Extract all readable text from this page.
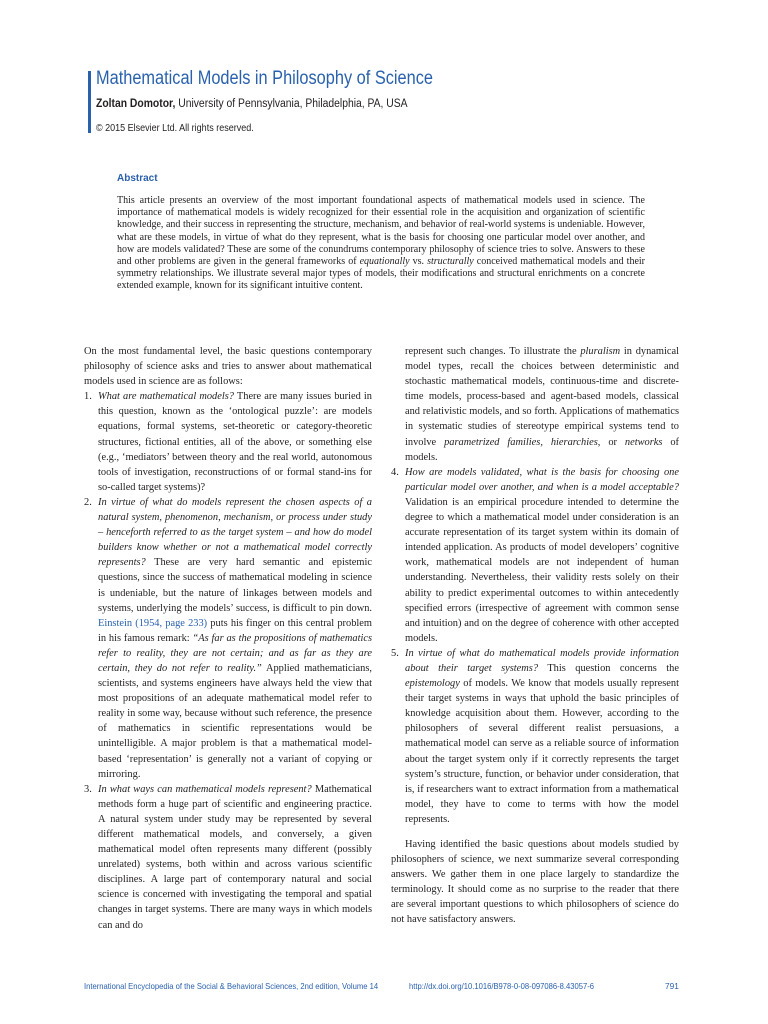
Mathematical Models in Philosophy of Science
Zoltan Domotor, University of Pennsylvania, Philadelphia, PA, USA
© 2015 Elsevier Ltd. All rights reserved.
Abstract

This article presents an overview of the most important foundational aspects of mathematical models used in science. The importance of mathematical models is widely recognized for their essential role in the acquisition and organization of scientific knowledge, and their success in representing the structure, mechanism, and behavior of real-world systems is undeniable. However, what are these models, in virtue of what do they represent, what is the basis for choosing one particular model over another, and how are models validated? These are some of the conundrums contemporary philosophy of science tries to solve. Answers to these and other problems are given in the general frameworks of equationally vs. structurally conceived mathematical models and their symmetry relationships. We illustrate several major types of models, their modifications and structural enrichments on a concrete extended example, known for its significant intuitive content.

On the most fundamental level, the basic questions contemporary philosophy of science asks and tries to answer about mathematical models used in science are as follows:

1. What are mathematical models? There are many issues buried in this question, known as the ‘ontological puzzle’: are models equations, formal systems, set-theoretic or category-theoretic structures, fictional entities, all of the above, or something else (e.g., ‘mediators’ between theory and the real world, autonomous tools of investigation, reconstructions of or formal stand-ins for so-called target systems)?
2. In virtue of what do models represent the chosen aspects of a natural system, phenomenon, mechanism, or process under study – henceforth referred to as the target system – and how do model builders know whether or not a mathematical model correctly represents? These are very hard semantic and epistemic questions, since the success of mathematical modeling in science is undeniable, but the nature of linkages between models and systems, underlying the models’ success, is difficult to pin down. Einstein (1954, page 233) puts his finger on this central problem in his famous remark: “As far as the propositions of mathematics refer to reality, they are not certain; and as far as they are certain, they do not refer to reality.” Applied mathematicians, scientists, and systems engineers have always held the view that most propositions of an adequate mathematical model refer to reality in some way, because without such reference, the presence of mathematics in scientific representations would be unintelligible. A major problem is that a mathematical model-based ‘representation’ is generally not a variant of copying or mirroring.
3. In what ways can mathematical models represent? Mathematical methods form a huge part of scientific and engineering practice. A natural system under study may be represented by several different mathematical models, and conversely, a given mathematical model often represents many different (possibly unrelated) systems, both within and across various scientific disciplines. A large part of contemporary natural and social science is concerned with investigating the temporal and spatial changes in target systems. There are many ways in which models can and do

represent such changes. To illustrate the pluralism in dynamical model types, recall the choices between deterministic and stochastic mathematical models, continuous-time and discrete-time models, process-based and agent-based models, classical and relativistic models, and so forth. Applications of mathematics in systematic studies of stereotype empirical systems tend to involve parametrized families, hierarchies, or networks of models.

4. How are models validated, what is the basis for choosing one particular model over another, and when is a model acceptable? Validation is an empirical procedure intended to determine the degree to which a mathematical model under consideration is an accurate representation of its target system within its domain of intended application. As products of model developers’ cognitive work, mathematical models are not independent of human understanding. Nevertheless, their validity rests solely on their ability to predict experimental outcomes to within antecedently specified errors (irrespective of agreement with common sense and intuition) and on the degree of coherence with other accepted models.
5. In virtue of what do mathematical models provide information about their target systems? This question concerns the epistemology of models. We know that models usually represent their target systems in ways that uphold the basic principles of knowledge acquisition about them. However, according to the philosophers of several different realist persuasions, a mathematical model can serve as a reliable source of information about the target system only if it correctly represents the target system’s structure, function, or behavior under consideration, that is, if researchers want to extract information from a mathematical model, they have to come to terms with how the model represents.

Having identified the basic questions about models studied by philosophers of science, we next summarize several corresponding answers. We gather them in one place largely to standardize the terminology. It should come as no surprise to the reader that there are several important questions to which philosophers of science do not have satisfactory answers.

International Encyclopedia of the Social & Behavioral Sciences, 2nd edition, Volume 14	http://dx.doi.org/10.1016/B978-0-08-097086-8.43057-6	791
